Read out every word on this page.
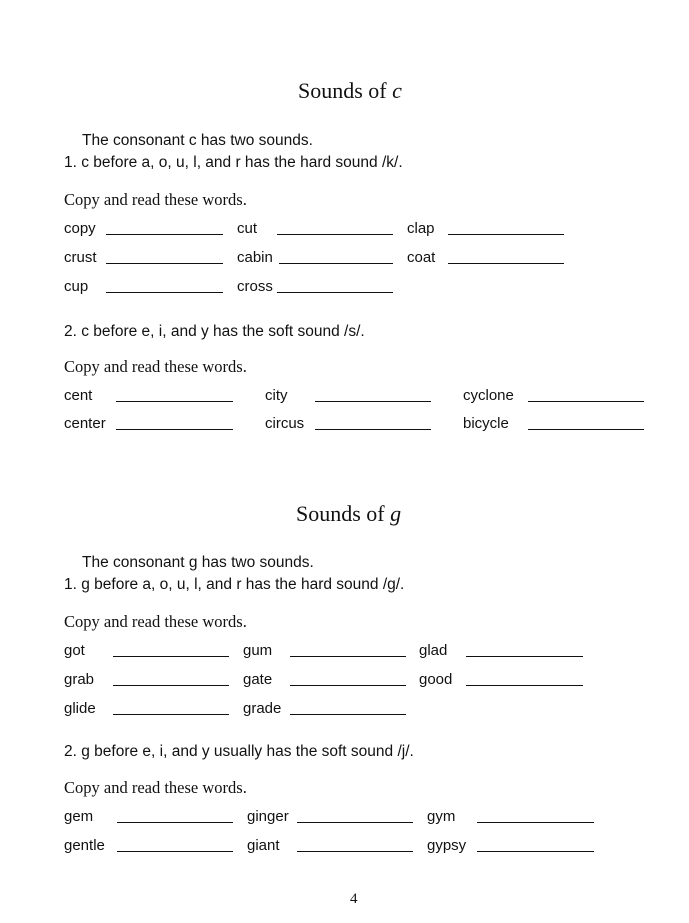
Sounds of c
The consonant c has two sounds.
1. c before a, o, u, l, and r has the hard sound /k/.
Copy and read these words.
copy	cut	clap
crust	cabin	coat
cup	cross
2. c before e, i, and y has the soft sound /s/.
Copy and read these words.
cent	city	cyclone
center	circus	bicycle
Sounds of g
The consonant g has two sounds.
1. g before a, o, u, l, and r has the hard sound /g/.
Copy and read these words.
got	gum	glad
grab	gate	good
glide	grade
2. g before e, i, and y usually has the soft sound /j/.
Copy and read these words.
gem	ginger	gym
gentle	giant	gypsy
4
